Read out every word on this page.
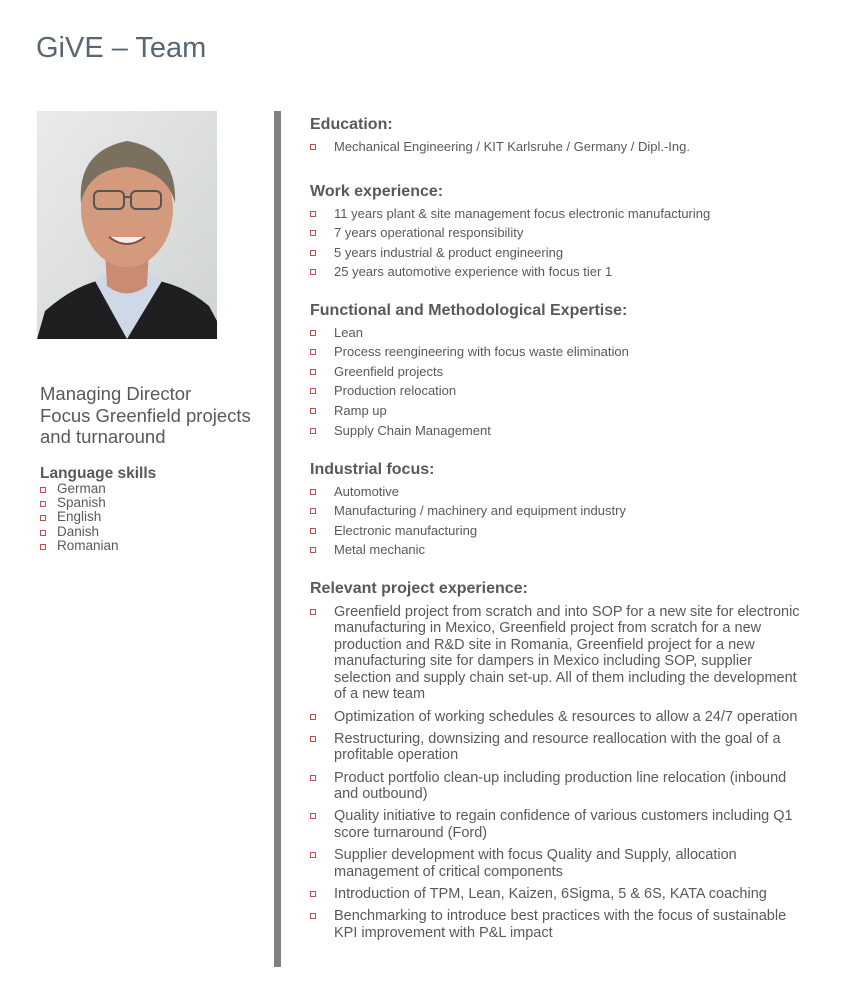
GiVE – Team
Managing Director
Focus Greenfield projects
and turnaround
Language skills
German
Spanish
English
Danish
Romanian
Education:
Mechanical Engineering / KIT Karlsruhe / Germany / Dipl.-Ing.
Work experience:
11 years plant & site management focus electronic manufacturing
7 years operational responsibility
5 years industrial & product engineering
25 years automotive experience with focus tier 1
Functional and Methodological Expertise:
Lean
Process reengineering with focus waste elimination
Greenfield projects
Production relocation
Ramp up
Supply Chain Management
Industrial focus:
Automotive
Manufacturing / machinery and equipment industry
Electronic manufacturing
Metal mechanic
Relevant project experience:
Greenfield project from scratch and into SOP for a new site for electronic manufacturing in Mexico, Greenfield project from scratch for a new production and R&D site in Romania, Greenfield project for a new manufacturing site for dampers in Mexico including SOP, supplier selection and supply chain set-up. All of them including the development of a new team
Optimization of working schedules & resources to allow a 24/7 operation
Restructuring, downsizing and resource reallocation with the goal of a profitable operation
Product portfolio clean-up including production line relocation (inbound and outbound)
Quality initiative to regain confidence of various customers including Q1 score turnaround (Ford)
Supplier development with focus Quality and Supply, allocation management of critical components
Introduction of TPM, Lean, Kaizen, 6Sigma, 5 & 6S, KATA coaching
Benchmarking to introduce best practices with the focus of sustainable KPI improvement with P&L impact
